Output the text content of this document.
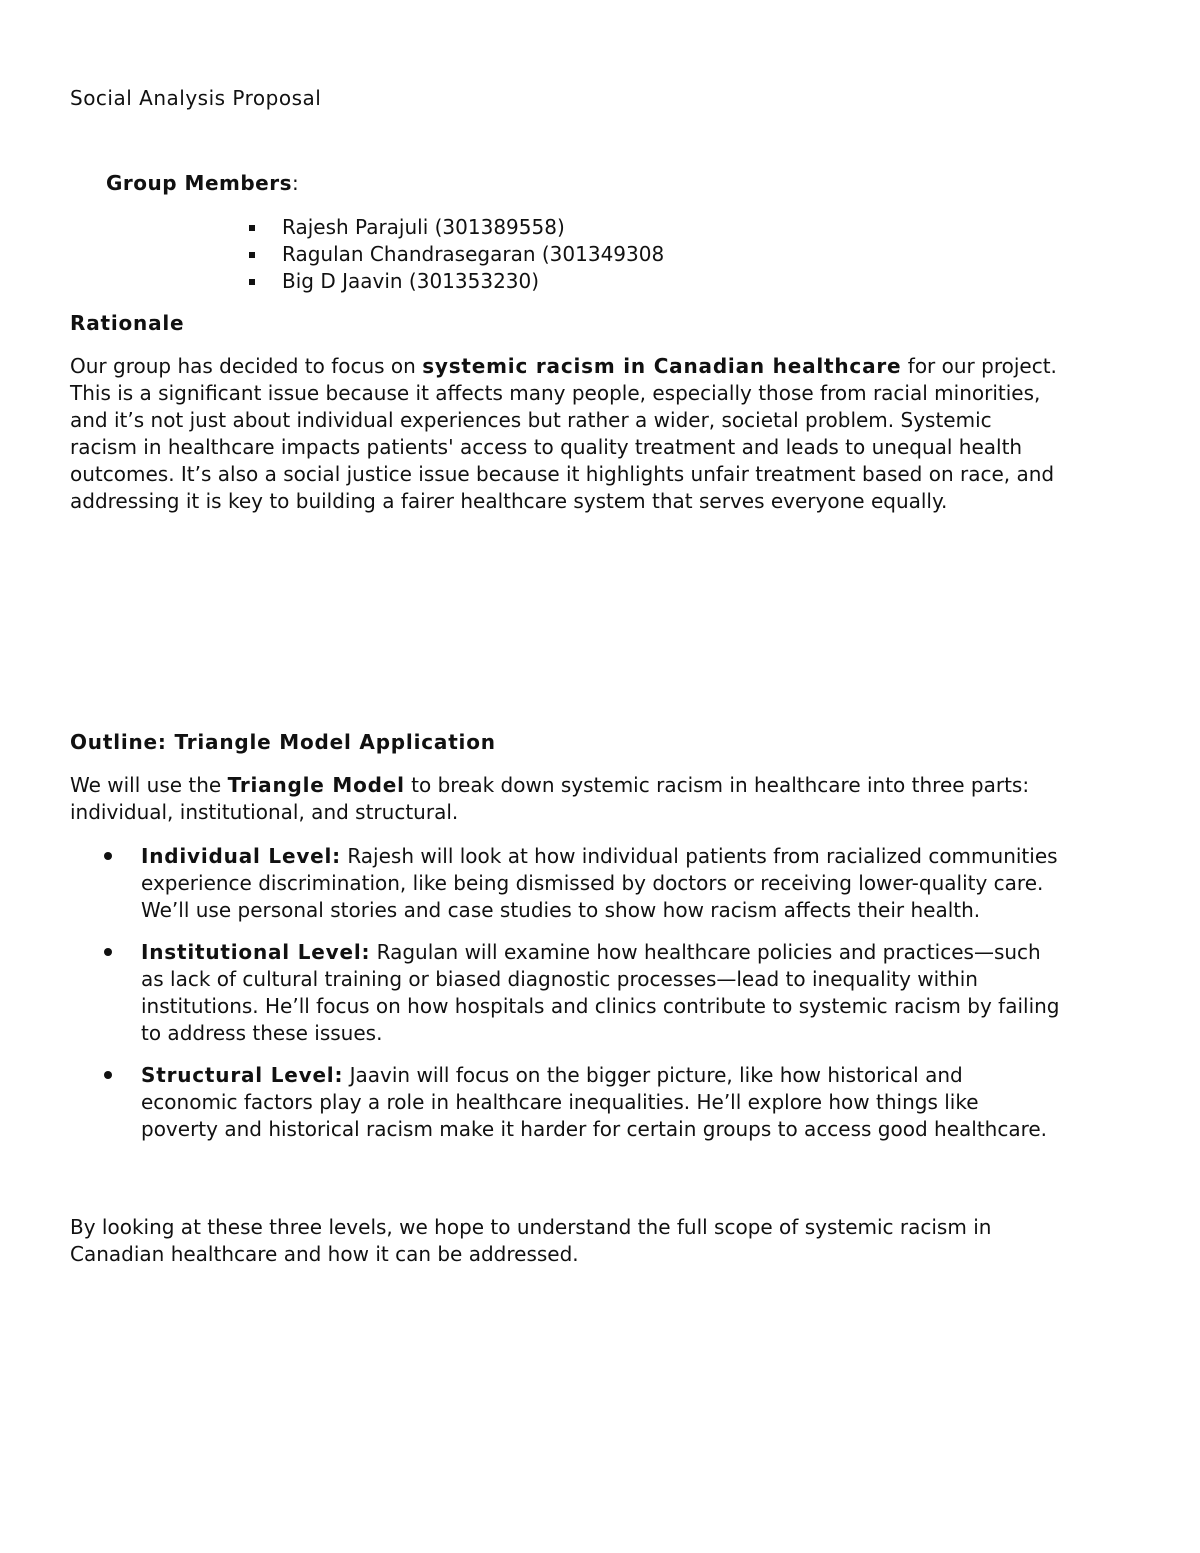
Social Analysis Proposal

Group Members:

Rajesh Parajuli (301389558)
Ragulan Chandrasegaran (301349308
Big D Jaavin (301353230)
Rationale

Our group has decided to focus on systemic racism in Canadian healthcare for our project. This is a significant issue because it affects many people, especially those from racial minorities, and it’s not just about individual experiences but rather a wider, societal problem. Systemic racism in healthcare impacts patients' access to quality treatment and leads to unequal health outcomes. It’s also a social justice issue because it highlights unfair treatment based on race, and addressing it is key to building a fairer healthcare system that serves everyone equally.

Outline: Triangle Model Application

We will use the Triangle Model to break down systemic racism in healthcare into three parts: individual, institutional, and structural.

Individual Level: Rajesh will look at how individual patients from racialized communities experience discrimination, like being dismissed by doctors or receiving lower-quality care. We’ll use personal stories and case studies to show how racism affects their health.
Institutional Level: Ragulan will examine how healthcare policies and practices—such as lack of cultural training or biased diagnostic processes—lead to inequality within institutions. He’ll focus on how hospitals and clinics contribute to systemic racism by failing to address these issues.
Structural Level: Jaavin will focus on the bigger picture, like how historical and economic factors play a role in healthcare inequalities. He’ll explore how things like poverty and historical racism make it harder for certain groups to access good healthcare.

By looking at these three levels, we hope to understand the full scope of systemic racism in Canadian healthcare and how it can be addressed.
